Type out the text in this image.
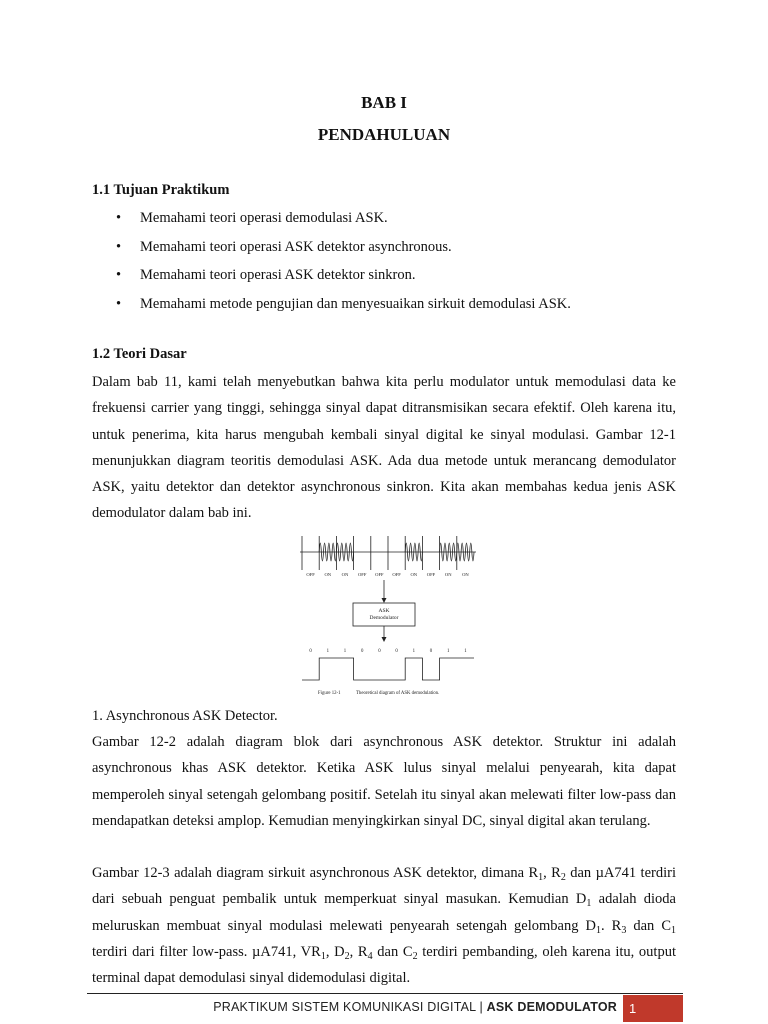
BAB I
PENDAHULUAN
1.1 Tujuan Praktikum
• Memahami teori operasi demodulasi ASK.
• Memahami teori operasi ASK detektor asynchronous.
• Memahami teori operasi ASK detektor sinkron.
• Memahami metode pengujian dan menyesuaikan sirkuit demodulasi ASK.
1.2 Teori Dasar

Dalam bab 11, kami telah menyebutkan bahwa kita perlu modulator untuk memodulasi data ke frekuensi carrier yang tinggi, sehingga sinyal dapat ditransmisikan secara efektif. Oleh karena itu, untuk penerima, kita harus mengubah kembali sinyal digital ke sinyal modulasi. Gambar 12-1 menunjukkan diagram teoritis demodulasi ASK. Ada dua metode untuk merancang demodulator ASK, yaitu detektor dan detektor asynchronous sinkron. Kita akan membahas kedua jenis ASK demodulator dalam bab ini.

OFF ON ON OFF OFF OFF ON OFF ON ON
ASK
Demodulator
0	1	1	0	0	0	1	0	1	1
Figure 12-1	Theoretical diagram of ASK demodulation.

1. Asynchronous ASK Detector.

Gambar 12-2 adalah diagram blok dari asynchronous ASK detektor. Struktur ini adalah asynchronous khas ASK detektor. Ketika ASK lulus sinyal melalui penyearah, kita dapat memperoleh sinyal setengah gelombang positif. Setelah itu sinyal akan melewati filter low-pass dan mendapatkan deteksi amplop. Kemudian menyingkirkan sinyal DC, sinyal digital akan terulang.

Gambar 12-3 adalah diagram sirkuit asynchronous ASK detektor, dimana $R_1$, $R_2$ dan µA741 terdiri dari sebuah penguat pembalik untuk memperkuat sinyal masukan. Kemudian $D_1$ adalah dioda meluruskan membuat sinyal modulasi melewati penyearah setengah gelombang $D_1$. $R_3$ dan $C_1$ terdiri dari filter low-pass. µA741, $VR_1$, $D_2$, $R_4$ dan $C_2$ terdiri pembanding, oleh karena itu, output terminal dapat demodulasi sinyal didemodulasi digital.

PRAKTIKUM SISTEM KOMUNIKASI DIGITAL | ASK DEMODULATOR 1
